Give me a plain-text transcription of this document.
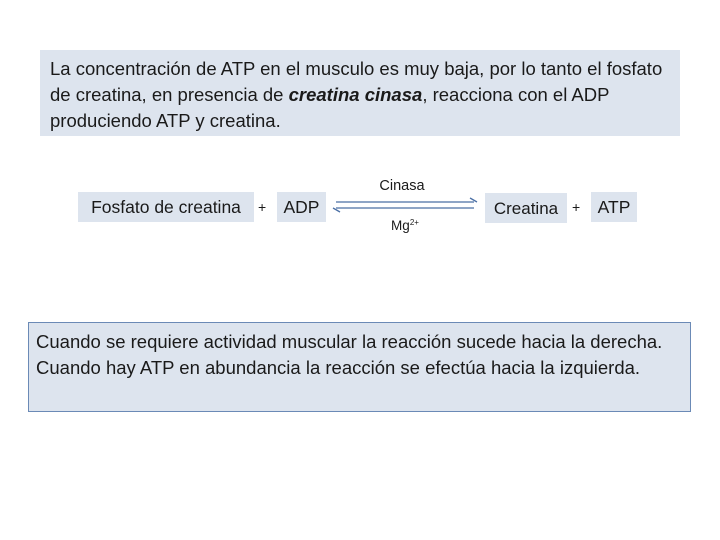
La concentración de ATP en el musculo es muy baja, por lo tanto el fosfato de creatina, en presencia de creatina cinasa, reacciona con el ADP produciendo ATP y creatina.
Fosfato de creatina	+ ADP
Cinasa
$Mg^{2+}$
Creatina + ATP

Cuando se requiere actividad muscular la reacción sucede hacia la derecha.

Cuando hay ATP en abundancia la reacción se efectúa hacia la izquierda.
